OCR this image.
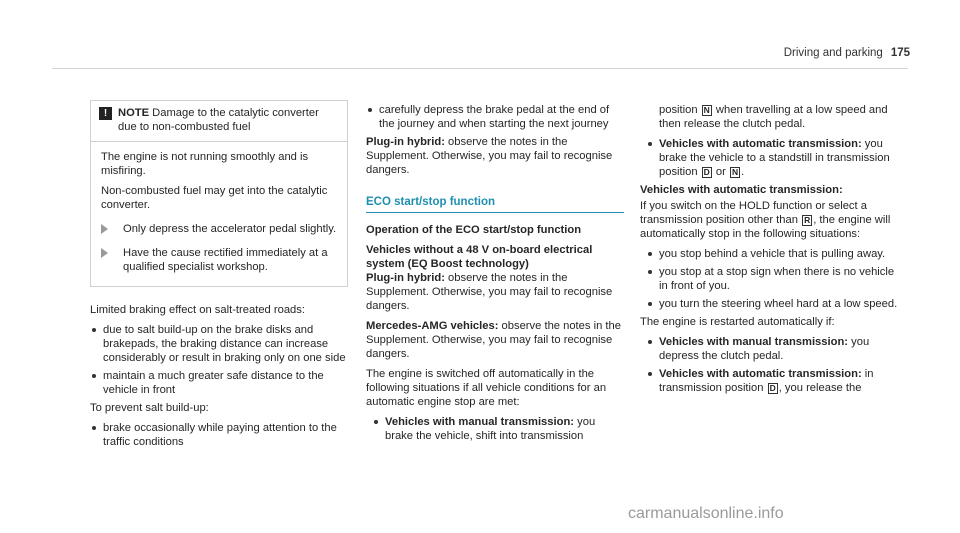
Driving and parking 175
! NOTE Damage to the catalytic converter due to non-combusted fuel

The engine is not running smoothly and is misfiring.

Non-combusted fuel may get into the catalytic converter.

Only depress the accelerator pedal slightly.
Have the cause rectified immediately at a qualified specialist workshop.

Limited braking effect on salt-treated roads:

due to salt build-up on the brake disks and brakepads, the braking distance can increase considerably or result in braking only on one side
maintain a much greater safe distance to the vehicle in front

To prevent salt build-up:

brake occasionally while paying attention to the traffic conditions
carefully depress the brake pedal at the end of the journey and when starting the next journey

Plug-in hybrid: observe the notes in the Supplement. Otherwise, you may fail to recognise dangers.

ECO start/stop function

Operation of the ECO start/stop function

Vehicles without a 48 V on-board electrical system (EQ Boost technology)

Plug-in hybrid: observe the notes in the Supplement. Otherwise, you may fail to recognise dangers.

Mercedes-AMG vehicles: observe the notes in the Supplement. Otherwise, you may fail to recognise dangers.

The engine is switched off automatically in the following situations if all vehicle conditions for an automatic engine stop are met:

Vehicles with manual transmission: you brake the vehicle, shift into transmission

position N when travelling at a low speed and then release the clutch pedal.

Vehicles with automatic transmission: you brake the vehicle to a standstill in transmission position D or N .

Vehicles with automatic transmission:

If you switch on the HOLD function or select a transmission position other than R , the engine will automatically stop in the following situations:

you stop behind a vehicle that is pulling away.
you stop at a stop sign when there is no vehicle in front of you.
you turn the steering wheel hard at a low speed.

The engine is restarted automatically if:

Vehicles with manual transmission: you depress the clutch pedal.
Vehicles with automatic transmission: in transmission position D , you release the
carmanualsonline.info
